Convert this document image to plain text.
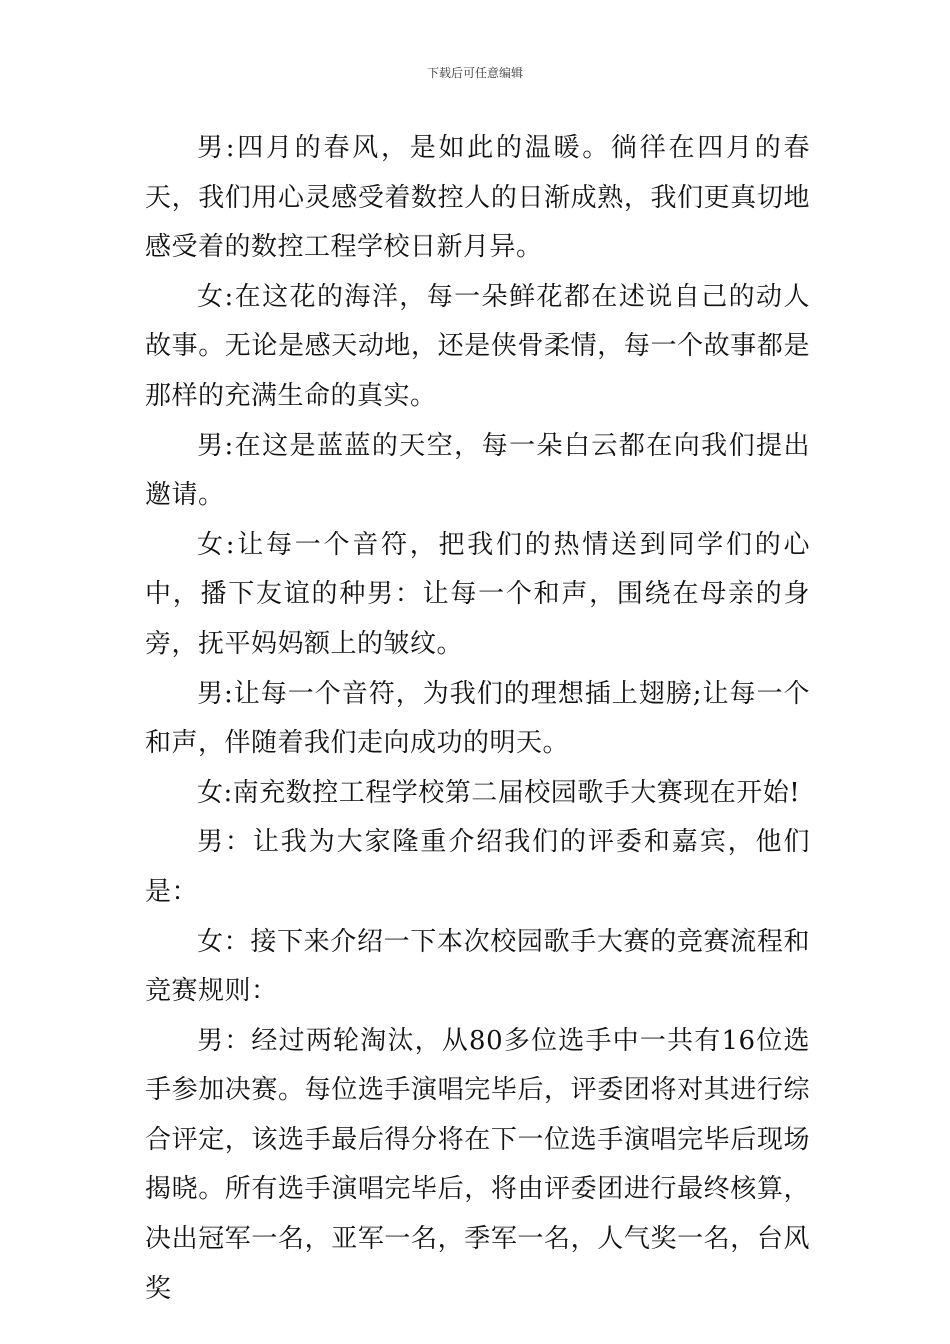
下载后可任意编辑

男:四月的春风，是如此的温暖。徜徉在四月的春天，我们用心灵感受着数控人的日渐成熟，我们更真切地感受着的数控工程学校日新月异。

女:在这花的海洋，每一朵鲜花都在述说自己的动人故事。无论是感天动地，还是侠骨柔情，每一个故事都是那样的充满生命的真实。

男:在这是蓝蓝的天空，每一朵白云都在向我们提出邀请。

女:让每一个音符，把我们的热情送到同学们的心中，播下友谊的种男：让每一个和声，围绕在母亲的身旁，抚平妈妈额上的皱纹。

男:让每一个音符，为我们的理想插上翅膀;让每一个和声，伴随着我们走向成功的明天。

女:南充数控工程学校第二届校园歌手大赛现在开始!

男：让我为大家隆重介绍我们的评委和嘉宾，他们是：

女：接下来介绍一下本次校园歌手大赛的竞赛流程和竞赛规则：

男：经过两轮淘汰，从80多位选手中一共有16位选手参加决赛。每位选手演唱完毕后，评委团将对其进行综合评定，该选手最后得分将在下一位选手演唱完毕后现场揭晓。所有选手演唱完毕后，将由评委团进行最终核算，决出冠军一名，亚军一名，季军一名，人气奖一名，台风奖
